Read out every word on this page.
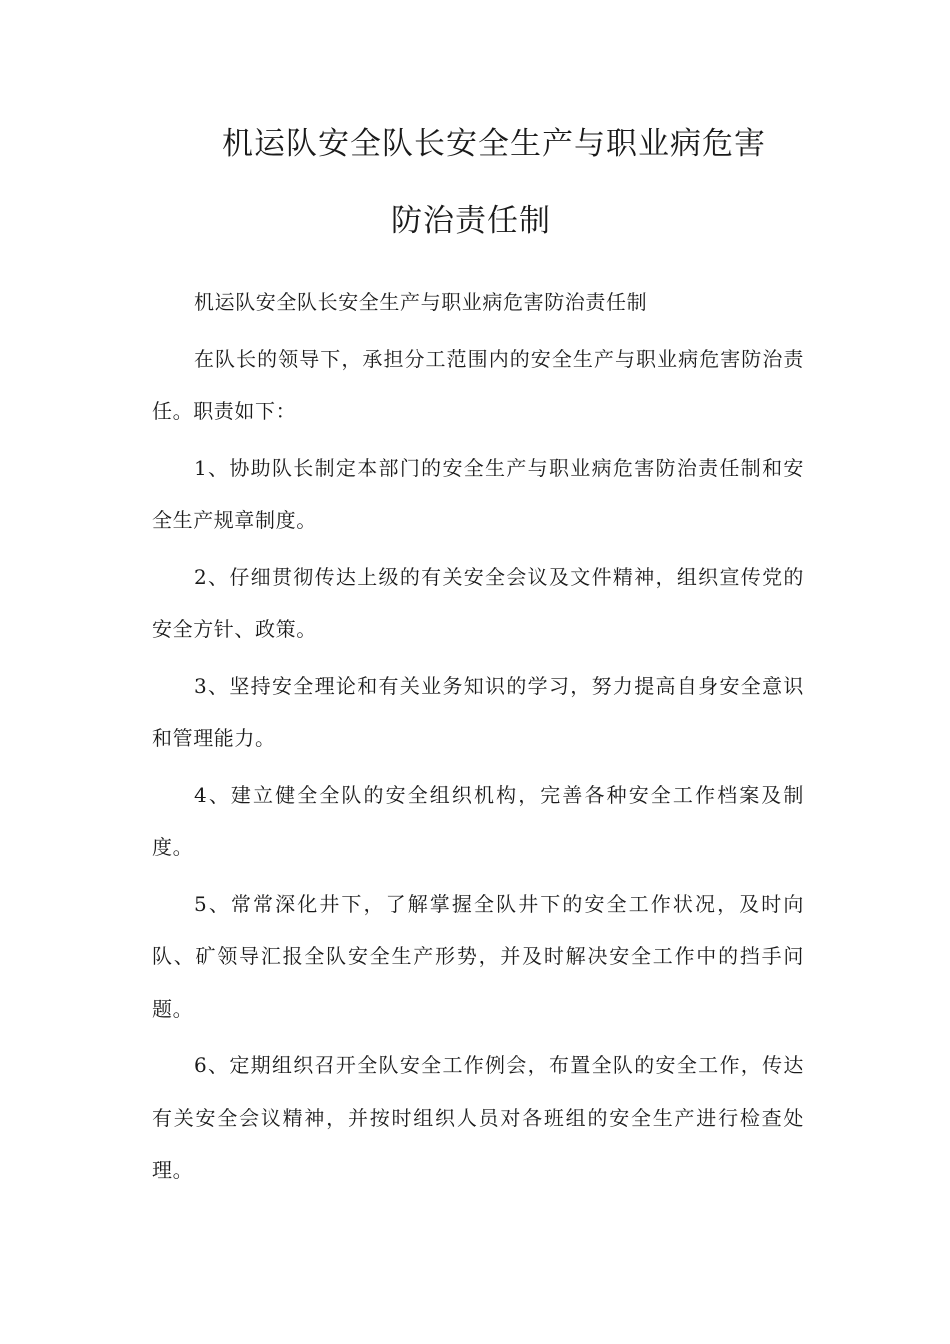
机运队安全队长安全生产与职业病危害
防治责任制

机运队安全队长安全生产与职业病危害防治责任制

在队长的领导下，承担分工范围内的安全生产与职业病危害防治责任。职责如下：

1、协助队长制定本部门的安全生产与职业病危害防治责任制和安全生产规章制度。

2、仔细贯彻传达上级的有关安全会议及文件精神，组织宣传党的安全方针、政策。

3、坚持安全理论和有关业务知识的学习，努力提高自身安全意识和管理能力。

4、建立健全全队的安全组织机构，完善各种安全工作档案及制度。

5、常常深化井下，了解掌握全队井下的安全工作状况，及时向队、矿领导汇报全队安全生产形势，并及时解决安全工作中的挡手问题。

6、定期组织召开全队安全工作例会，布置全队的安全工作，传达有关安全会议精神，并按时组织人员对各班组的安全生产进行检查处理。
